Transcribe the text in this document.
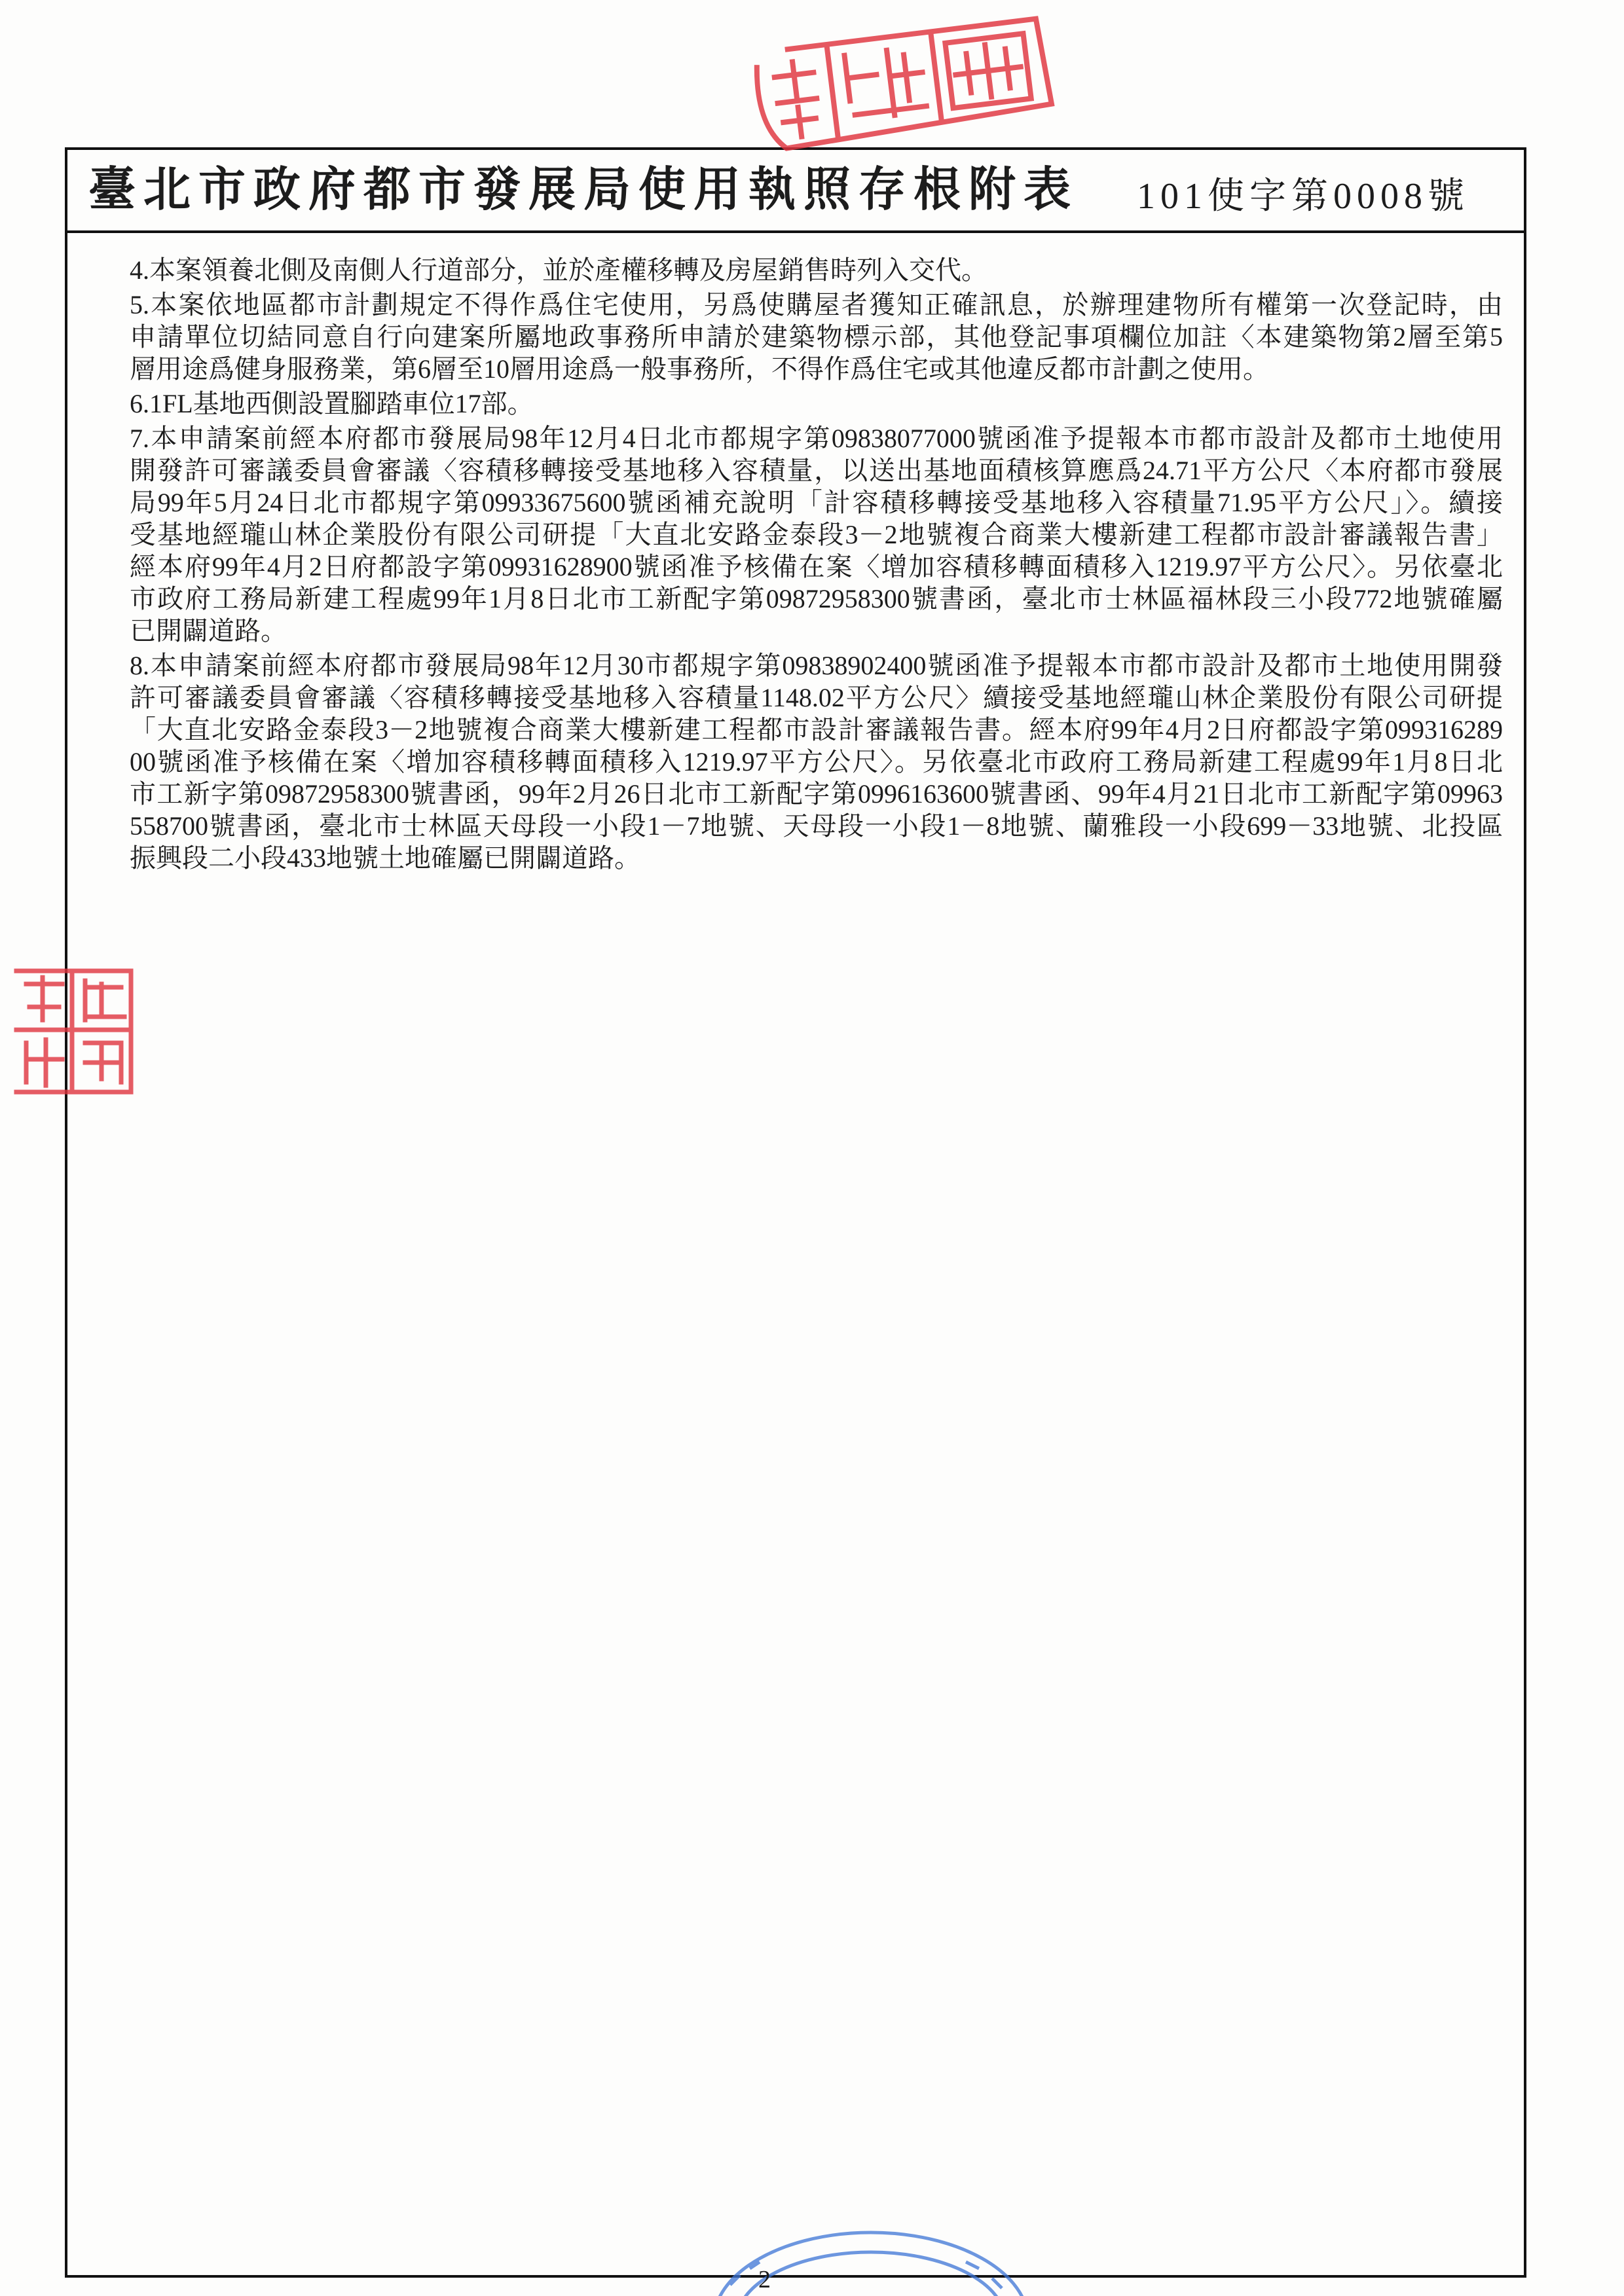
臺北市政府都市發展局使用執照存根附表 101使字第0008號
4.本案領養北側及南側人行道部分，並於產權移轉及房屋銷售時列入交代。
5.本案依地區都市計劃規定不得作爲住宅使用，另爲使購屋者獲知正確訊息，於辦理建物所有權第一次登記時，由
申請單位切結同意自行向建案所屬地政事務所申請於建築物標示部，其他登記事項欄位加註〈本建築物第2層至第5
層用途爲健身服務業，第6層至10層用途爲一般事務所，不得作爲住宅或其他違反都市計劃之使用。
6.1FL基地西側設置腳踏車位17部。
7.本申請案前經本府都市發展局98年12月4日北市都規字第09838077000號函准予提報本市都市設計及都市土地使用
開發許可審議委員會審議〈容積移轉接受基地移入容積量，以送出基地面積核算應爲24.71平方公尺〈本府都市發展
局99年5月24日北市都規字第09933675600號函補充說明「計容積移轉接受基地移入容積量71.95平方公尺」〉。續接
受基地經瓏山林企業股份有限公司研提「大直北安路金泰段3－2地號複合商業大樓新建工程都市設計審議報告書」
經本府99年4月2日府都設字第09931628900號函准予核備在案〈增加容積移轉面積移入1219.97平方公尺〉。另依臺北
市政府工務局新建工程處99年1月8日北市工新配字第09872958300號書函，臺北市士林區福林段三小段772地號確屬
已開闢道路。
8.本申請案前經本府都市發展局98年12月30市都規字第09838902400號函准予提報本市都市設計及都市土地使用開發
許可審議委員會審議〈容積移轉接受基地移入容積量1148.02平方公尺〉續接受基地經瓏山林企業股份有限公司研提
「大直北安路金泰段3－2地號複合商業大樓新建工程都市設計審議報告書。經本府99年4月2日府都設字第099316289
00號函准予核備在案〈增加容積移轉面積移入1219.97平方公尺〉。另依臺北市政府工務局新建工程處99年1月8日北
市工新字第09872958300號書函，99年2月26日北市工新配字第0996163600號書函、99年4月21日北市工新配字第09963
558700號書函，臺北市士林區天母段一小段1－7地號、天母段一小段1－8地號、蘭雅段一小段699－33地號、北投區
振興段二小段433地號土地確屬已開闢道路。
2
